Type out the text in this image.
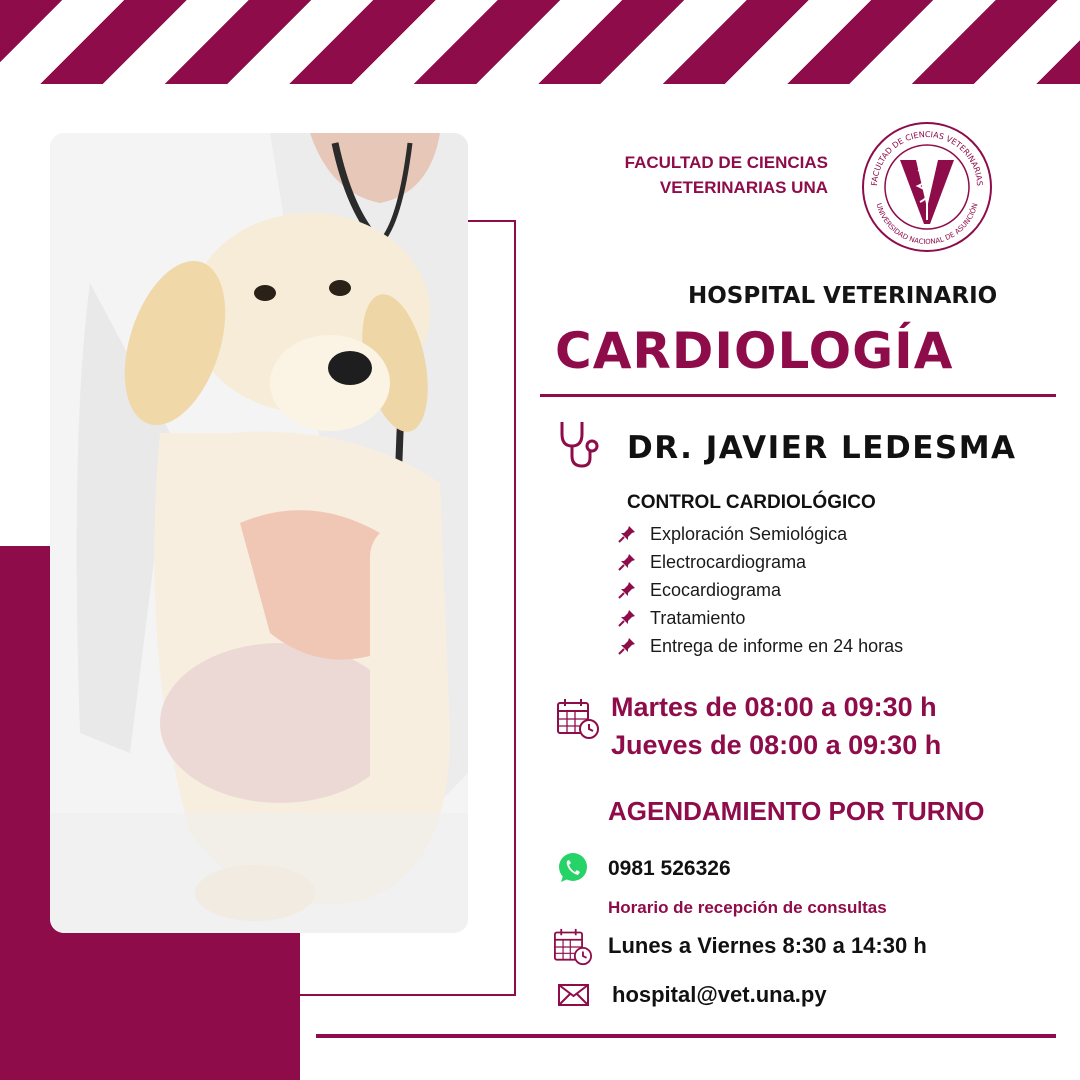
FACULTAD DE CIENCIAS
VETERINARIAS UNA	FACULTAD DE CIENCIAS VETERINARIAS
UNIVERSIDAD NACIONAL DE ASUNCIÓN
HOSPITAL VETERINARIO
CARDIOLOGÍA
DR. JAVIER LEDESMA
CONTROL CARDIOLÓGICO
Exploración Semiológica
Electrocardiograma
Ecocardiograma
Tratamiento
Entrega de informe en 24 horas
Martes de 08:00 a 09:30 h
Jueves de 08:00 a 09:30 h
AGENDAMIENTO POR TURNO
0981 526326
Horario de recepción de consultas
Lunes a Viernes 8:30 a 14:30 h
hospital@vet.una.py
